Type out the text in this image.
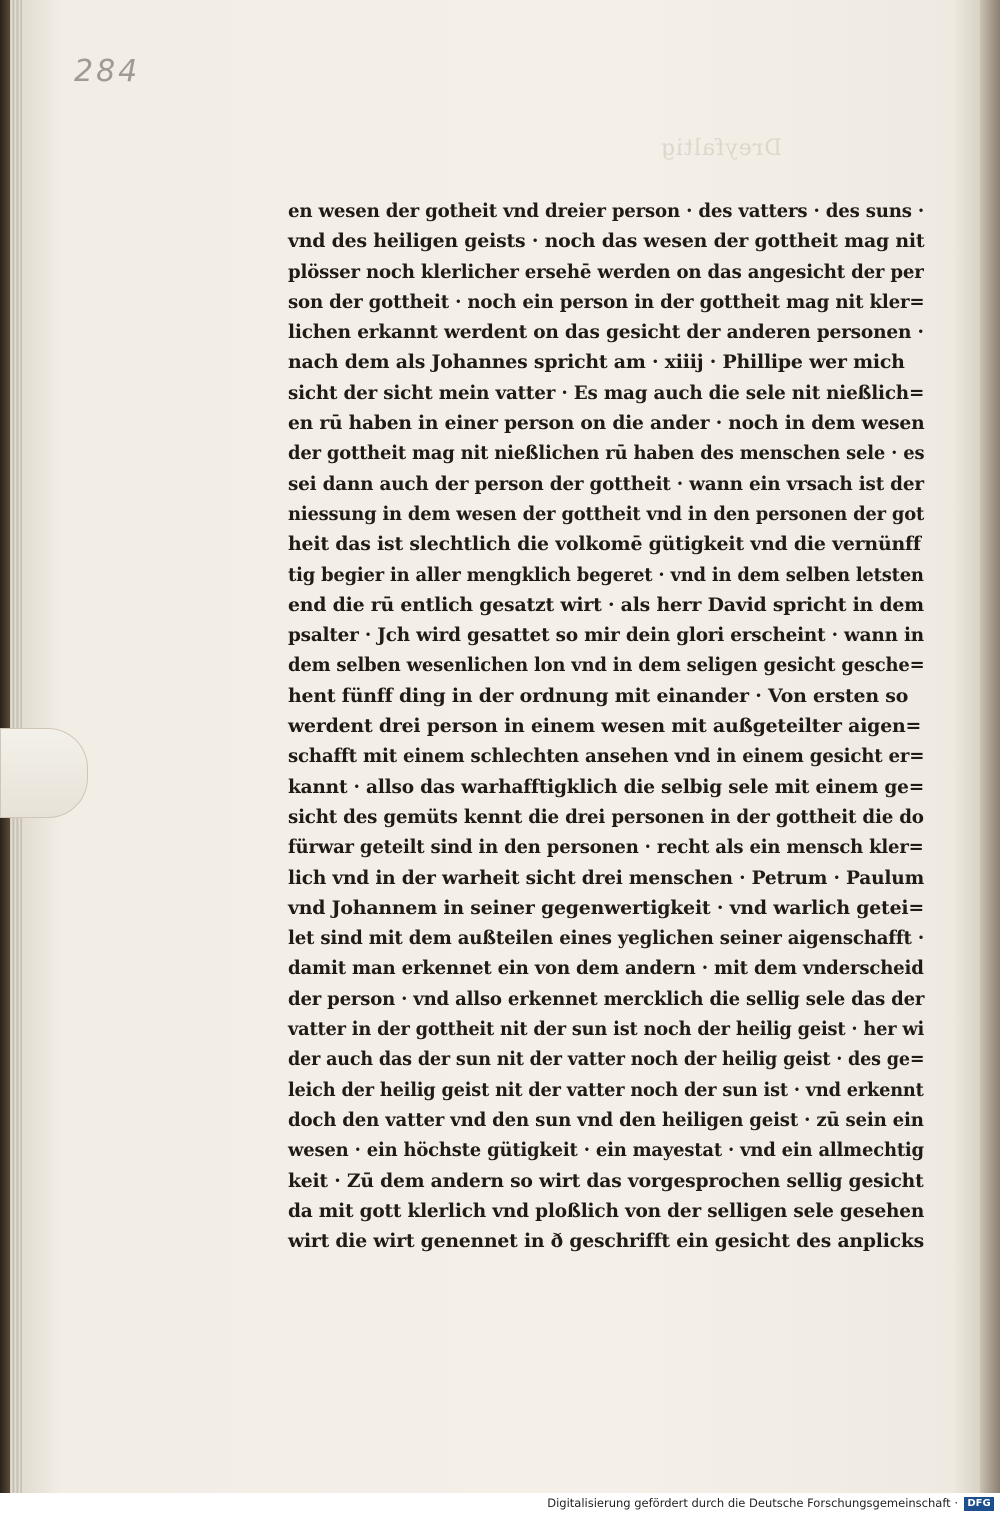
284
Dreyfaltig
en wesen der gotheit vnd dreier person · des vatters · des suns ·
vnd des heiligen geists · noch das wesen der gottheit mag nit
plösser noch klerlicher ersehē werden on das angesicht der per
son der gottheit · noch ein person in der gottheit mag nit kler=
lichen erkannt werdent on das gesicht der anderen personen ·
nach dem als Johannes spricht am · xiiij · Phillipe wer mich
sicht der sicht mein vatter · Es mag auch die sele nit nießlich=
en rū haben in einer person on die ander · noch in dem wesen
der gottheit mag nit nießlichen rū haben des menschen sele · es
sei dann auch der person der gottheit · wann ein vrsach ist der
niessung in dem wesen der gottheit vnd in den personen der got
heit das ist slechtlich die volkomē gütigkeit vnd die vernünff
tig begier in aller mengklich begeret · vnd in dem selben letsten
end die rū entlich gesatzt wirt · als herr David spricht in dem
psalter · Jch wird gesattet so mir dein glori erscheint · wann in
dem selben wesenlichen lon vnd in dem seligen gesicht gesche=
hent fünff ding in der ordnung mit einander · Von ersten so
werdent drei person in einem wesen mit außgeteilter aigen=
schafft mit einem schlechten ansehen vnd in einem gesicht er=
kannt · allso das warhafftigklich die selbig sele mit einem ge=
sicht des gemüts kennt die drei personen in der gottheit die do
fürwar geteilt sind in den personen · recht als ein mensch kler=
lich vnd in der warheit sicht drei menschen · Petrum · Paulum
vnd Johannem in seiner gegenwertigkeit · vnd warlich getei=
let sind mit dem außteilen eines yeglichen seiner aigenschafft ·
damit man erkennet ein von dem andern · mit dem vnderscheid
der person · vnd allso erkennet mercklich die sellig sele das der
vatter in der gottheit nit der sun ist noch der heilig geist · her wi
der auch das der sun nit der vatter noch der heilig geist · des ge=
leich der heilig geist nit der vatter noch der sun ist · vnd erkennt
doch den vatter vnd den sun vnd den heiligen geist · zū sein ein
wesen · ein höchste gütigkeit · ein mayestat · vnd ein allmechtig
keit · Zū dem andern so wirt das vorgesprochen sellig gesicht
da mit gott klerlich vnd ploßlich von der selligen sele gesehen
wirt die wirt genennet in ð geschrifft ein gesicht des anplicks
Digitalisierung gefördert durch die Deutsche Forschungsgemeinschaft · DFG
